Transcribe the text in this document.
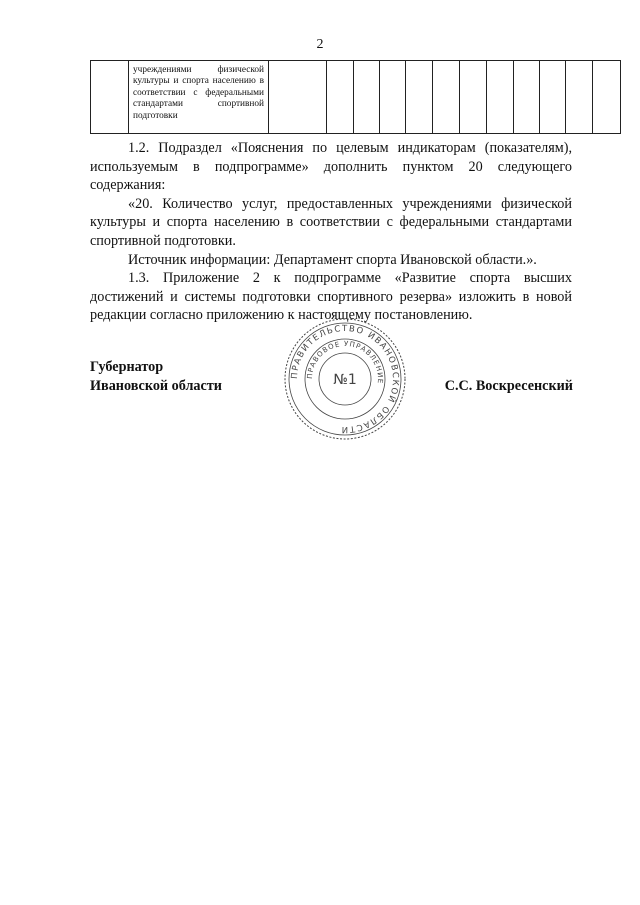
2

учреждениями физической культуры и спорта населению в соответствии с федеральными стандартами спортивной подготовки

1.2. Подраздел «Пояснения по целевым индикаторам (показателям), используемым в подпрограмме» дополнить пунктом 20 следующего содержания:

«20. Количество услуг, предоставленных учреждениями физической культуры и спорта населению в соответствии с федеральными стандартами спортивной подготовки.

Источник информации: Департамент спорта Ивановской области.».

1.3. Приложение 2 к подпрограмме «Развитие спорта высших достижений и системы подготовки спортивного резерва» изложить в новой редакции согласно приложению к настоящему постановлению.

Губернатор
Ивановской области
ПРАВИТЕЛЬСТВО ИВАНОВСКОЙ ОБЛАСТИ
ПРАВОВОЕ УПРАВЛЕНИЕ
№1	С.С. Воскресенский
